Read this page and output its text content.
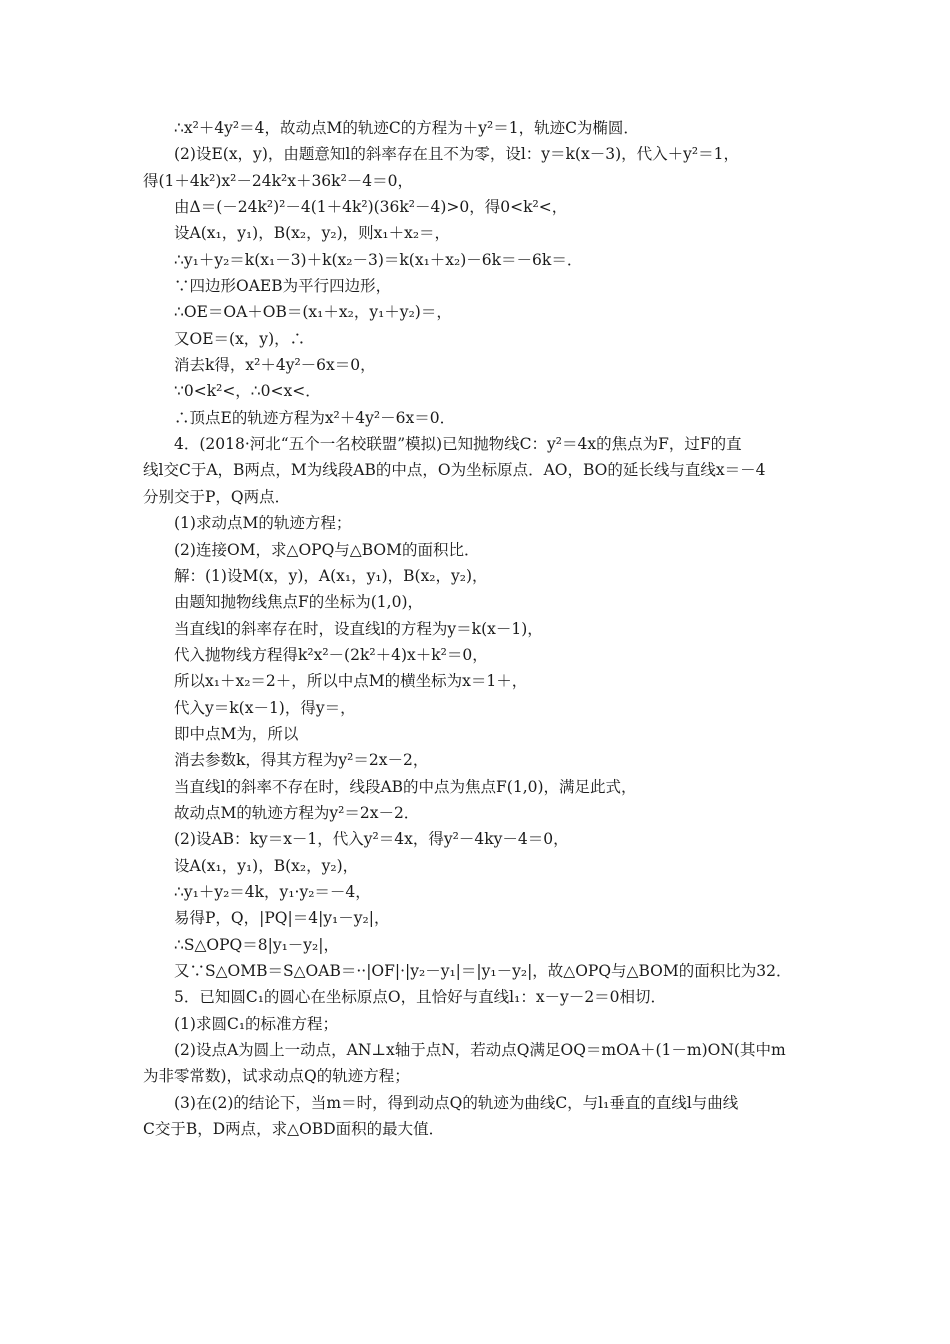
∴x²＋4y²＝4，故动点M的轨迹C的方程为＋y²＝1，轨迹C为椭圆．
(2)设E(x，y)，由题意知l的斜率存在且不为零，设l：y＝k(x－3)，代入＋y²＝1，
得(1＋4k²)x²－24k²x＋36k²－4＝0，
由Δ＝(－24k²)²－4(1＋4k²)(36k²－4)>0，得0<k²<，
设A(x₁，y₁)，B(x₂，y₂)，则x₁＋x₂＝，
∴y₁＋y₂＝k(x₁－3)＋k(x₂－3)＝k(x₁＋x₂)－6k＝－6k＝．
∵四边形OAEB为平行四边形，
∴OE＝OA＋OB＝(x₁＋x₂，y₁＋y₂)＝，
又OE＝(x，y)，∴
消去k得，x²＋4y²－6x＝0，
∵0<k²<，∴0<x<．
∴顶点E的轨迹方程为x²＋4y²－6x＝0．
4．(2018·河北“五个一名校联盟”模拟)已知抛物线C：y²＝4x的焦点为F，过F的直
线l交C于A，B两点，M为线段AB的中点，O为坐标原点．AO，BO的延长线与直线x＝－4
分别交于P，Q两点．
(1)求动点M的轨迹方程；
(2)连接OM，求△OPQ与△BOM的面积比．
解：(1)设M(x，y)，A(x₁，y₁)，B(x₂，y₂)，
由题知抛物线焦点F的坐标为(1,0)，
当直线l的斜率存在时，设直线l的方程为y＝k(x－1)，
代入抛物线方程得k²x²－(2k²＋4)x＋k²＝0，
所以x₁＋x₂＝2＋，所以中点M的横坐标为x＝1＋，
代入y＝k(x－1)，得y＝，
即中点M为，所以
消去参数k，得其方程为y²＝2x－2，
当直线l的斜率不存在时，线段AB的中点为焦点F(1,0)，满足此式，
故动点M的轨迹方程为y²＝2x－2．
(2)设AB：ky＝x－1，代入y²＝4x，得y²－4ky－4＝0，
设A(x₁，y₁)，B(x₂，y₂)，
∴y₁＋y₂＝4k，y₁·y₂＝－4，
易得P，Q，|PQ|＝4|y₁－y₂|，
∴S△OPQ＝8|y₁－y₂|，
又∵S△OMB＝S△OAB＝··|OF|·|y₂－y₁|＝|y₁－y₂|，故△OPQ与△BOM的面积比为32．
5．已知圆C₁的圆心在坐标原点O，且恰好与直线l₁：x－y－2＝0相切．
(1)求圆C₁的标准方程；
(2)设点A为圆上一动点，AN⊥x轴于点N，若动点Q满足OQ＝mOA＋(1－m)ON(其中m
为非零常数)，试求动点Q的轨迹方程；
(3)在(2)的结论下，当m＝时，得到动点Q的轨迹为曲线C，与l₁垂直的直线l与曲线
C交于B，D两点，求△OBD面积的最大值．
